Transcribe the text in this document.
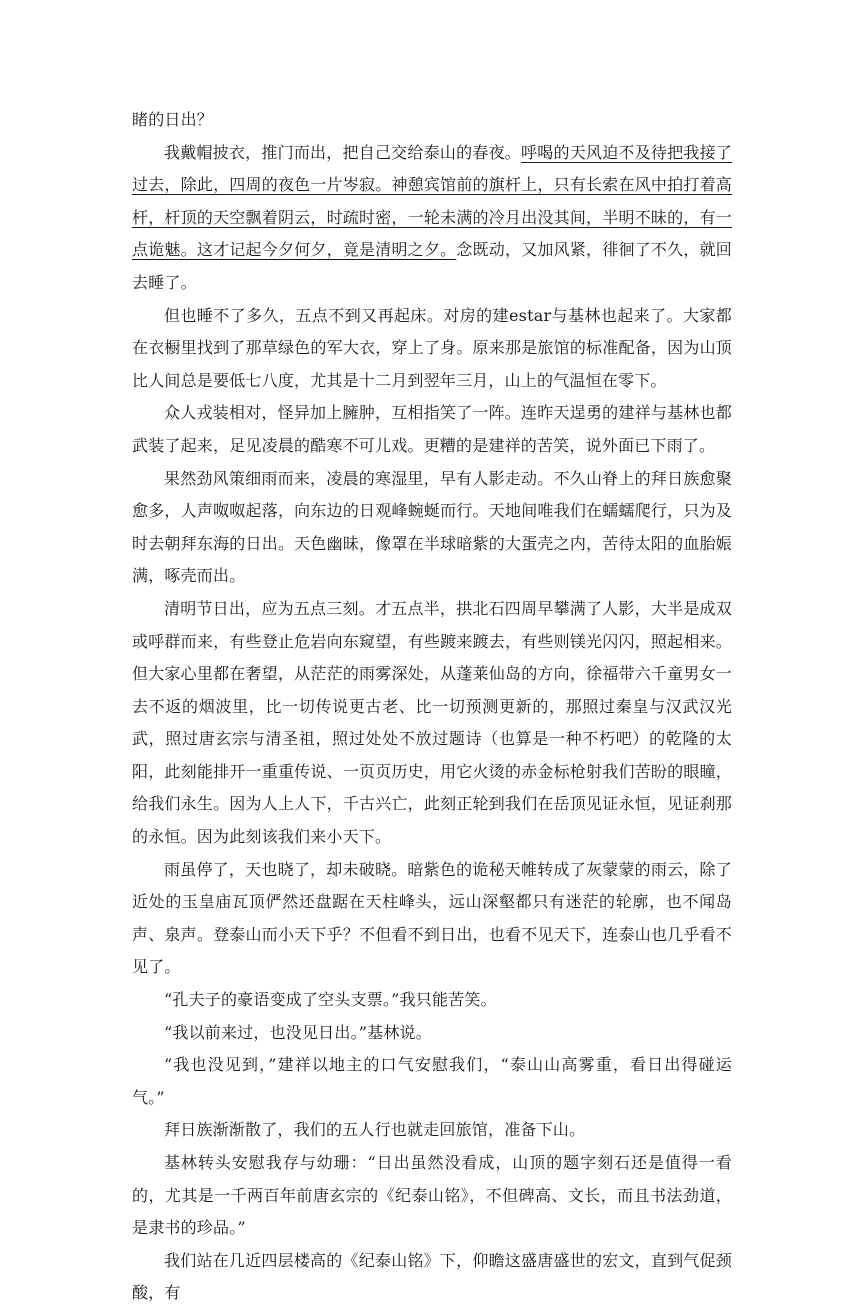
睹的日出？

我戴帽披衣，推门而出，把自己交给泰山的春夜。呼喝的天风迫不及待把我接了过去，除此，四周的夜色一片岑寂。神憩宾馆前的旗杆上，只有长索在风中拍打着高杆，杆顶的天空飘着阴云，时疏时密，一轮未满的冷月出没其间，半明不昧的，有一点诡魅。这才记起今夕何夕，竟是清明之夕。念既动，又加风紧，徘徊了不久，就回去睡了。

但也睡不了多久，五点不到又再起床。对房的建estar与基林也起来了。大家都在衣橱里找到了那草绿色的军大衣，穿上了身。原来那是旅馆的标准配备，因为山顶比人间总是要低七八度，尤其是十二月到翌年三月，山上的气温恒在零下。

众人戎装相对，怪异加上臃肿，互相指笑了一阵。连昨天逞勇的建祥与基林也都武装了起来，足见凌晨的酷寒不可儿戏。更糟的是建祥的苦笑，说外面已下雨了。

果然劲风策细雨而来，凌晨的寒湿里，早有人影走动。不久山脊上的拜日族愈聚愈多，人声呶呶起落，向东边的日观峰蜿蜒而行。天地间唯我们在蠕蠕爬行，只为及时去朝拜东海的日出。天色幽昧，像罩在半球暗紫的大蛋壳之内，苦待太阳的血胎娠满，啄壳而出。

清明节日出，应为五点三刻。才五点半，拱北石四周早攀满了人影，大半是成双或呼群而来，有些登止危岩向东窥望，有些踱来踱去，有些则镁光闪闪，照起相来。但大家心里都在奢望，从茫茫的雨雾深处，从蓬莱仙岛的方向，徐福带六千童男女一去不返的烟波里，比一切传说更古老、比一切预测更新的，那照过秦皇与汉武汉光武，照过唐玄宗与清圣祖，照过处处不放过题诗（也算是一种不朽吧）的乾隆的太阳，此刻能排开一重重传说、一页页历史，用它火烫的赤金标枪射我们苦盼的眼瞳，给我们永生。因为人上人下，千古兴亡，此刻正轮到我们在岳顶见证永恒，见证刹那的永恒。因为此刻该我们来小天下。

雨虽停了，天也晓了，却未破晓。暗紫色的诡秘天帷转成了灰蒙蒙的雨云，除了近处的玉皇庙瓦顶俨然还盘踞在天柱峰头，远山深壑都只有迷茫的轮廓，也不闻岛声、泉声。登泰山而小天下乎？不但看不到日出，也看不见天下，连泰山也几乎看不见了。

“孔夫子的豪语变成了空头支票。”我只能苦笑。

“我以前来过，也没见日出。”基林说。

“我也没见到，”建祥以地主的口气安慰我们，“泰山山高雾重，看日出得碰运气。”

拜日族渐渐散了，我们的五人行也就走回旅馆，准备下山。

基林转头安慰我存与幼珊：“日出虽然没看成，山顶的题字刻石还是值得一看的，尤其是一千两百年前唐玄宗的《纪泰山铭》，不但碑高、文长，而且书法劲道，是隶书的珍品。”

我们站在几近四层楼高的《纪泰山铭》下，仰瞻这盛唐盛世的宏文，直到气促颈酸，有
